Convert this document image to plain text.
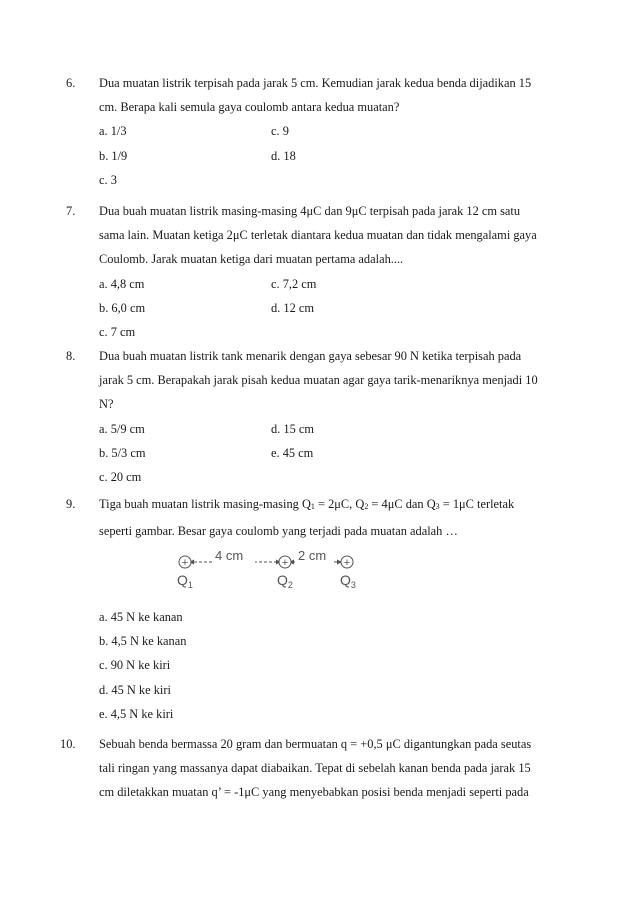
6. Dua muatan listrik terpisah pada jarak 5 cm. Kemudian jarak kedua benda dijadikan 15
cm. Berapa kali semula gaya coulomb antara kedua muatan?
a. 1/3	c. 9
b. 1/9	d. 18
c. 3
7. Dua buah muatan listrik masing-masing 4μC dan 9μC terpisah pada jarak 12 cm satu
sama lain. Muatan ketiga 2μC terletak diantara kedua muatan dan tidak mengalami gaya
Coulomb. Jarak muatan ketiga dari muatan pertama adalah....
a. 4,8 cm	c. 7,2 cm
b. 6,0 cm	d. 12 cm
c. 7 cm
8. Dua buah muatan listrik tank menarik dengan gaya sebesar 90 N ketika terpisah pada
jarak 5 cm. Berapakah jarak pisah kedua muatan agar gaya tarik-menariknya menjadi 10
N?
a. 5/9 cm	d. 15 cm
b. 5/3 cm	e. 45 cm
c. 20 cm
9. Tiga buah muatan listrik masing-masing $Q_1 = 2\mu C$, $Q_2 = 4\mu C$ dan $Q_3 = 1\mu C$ terletak
seperti gambar. Besar gaya coulomb yang terjadi pada muatan adalah …
4 cm	2 cm
+
$Q_1$
+
$Q_2$
+
$Q_3$
a. 45 N ke kanan
b. 4,5 N ke kanan
c. 90 N ke kiri
d. 45 N ke kiri
e. 4,5 N ke kiri
10. Sebuah benda bermassa 20 gram dan bermuatan q = +0,5 μC digantungkan pada seutas
tali ringan yang massanya dapat diabaikan. Tepat di sebelah kanan benda pada jarak 15
cm diletakkan muatan q’ = -1μC yang menyebabkan posisi benda menjadi seperti pada
